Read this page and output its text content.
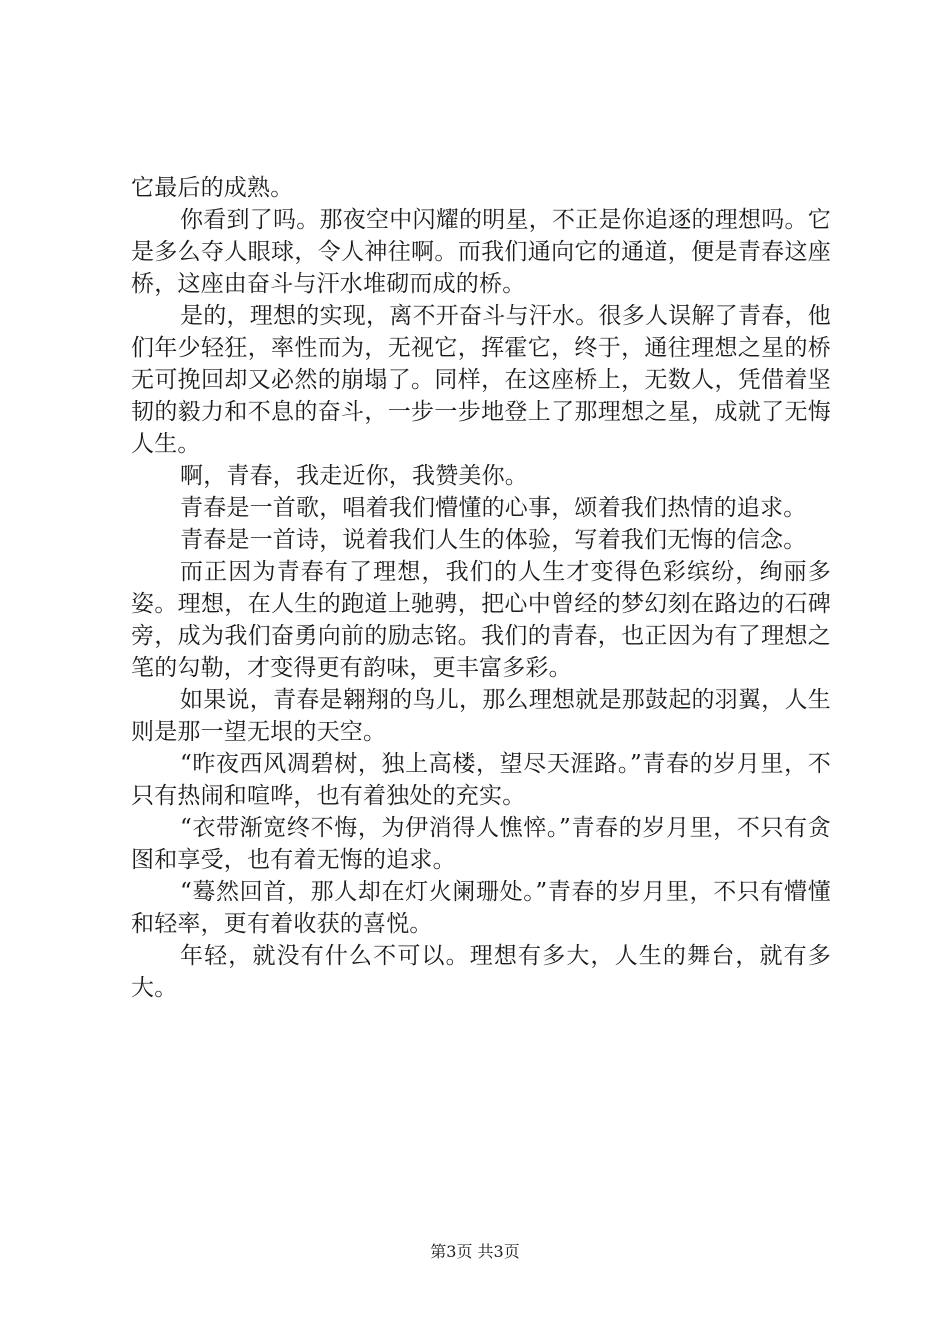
它最后的成熟。

你看到了吗。那夜空中闪耀的明星，不正是你追逐的理想吗。它是多么夺人眼球，令人神往啊。而我们通向它的通道，便是青春这座桥，这座由奋斗与汗水堆砌而成的桥。

是的，理想的实现，离不开奋斗与汗水。很多人误解了青春，他们年少轻狂，率性而为，无视它，挥霍它，终于，通往理想之星的桥无可挽回却又必然的崩塌了。同样，在这座桥上，无数人，凭借着坚韧的毅力和不息的奋斗，一步一步地登上了那理想之星，成就了无悔人生。

啊，青春，我走近你，我赞美你。

青春是一首歌，唱着我们懵懂的心事，颂着我们热情的追求。

青春是一首诗，说着我们人生的体验，写着我们无悔的信念。

而正因为青春有了理想，我们的人生才变得色彩缤纷，绚丽多姿。理想，在人生的跑道上驰骋，把心中曾经的梦幻刻在路边的石碑旁，成为我们奋勇向前的励志铭。我们的青春，也正因为有了理想之笔的勾勒，才变得更有韵味，更丰富多彩。

如果说，青春是翱翔的鸟儿，那么理想就是那鼓起的羽翼，人生则是那一望无垠的天空。

“昨夜西风凋碧树，独上高楼，望尽天涯路。”青春的岁月里，不只有热闹和喧哗，也有着独处的充实。

“衣带渐宽终不悔，为伊消得人憔悴。”青春的岁月里，不只有贪图和享受，也有着无悔的追求。

“蓦然回首，那人却在灯火阑珊处。”青春的岁月里，不只有懵懂和轻率，更有着收获的喜悦。

年轻，就没有什么不可以。理想有多大，人生的舞台，就有多大。

第3页 共3页
